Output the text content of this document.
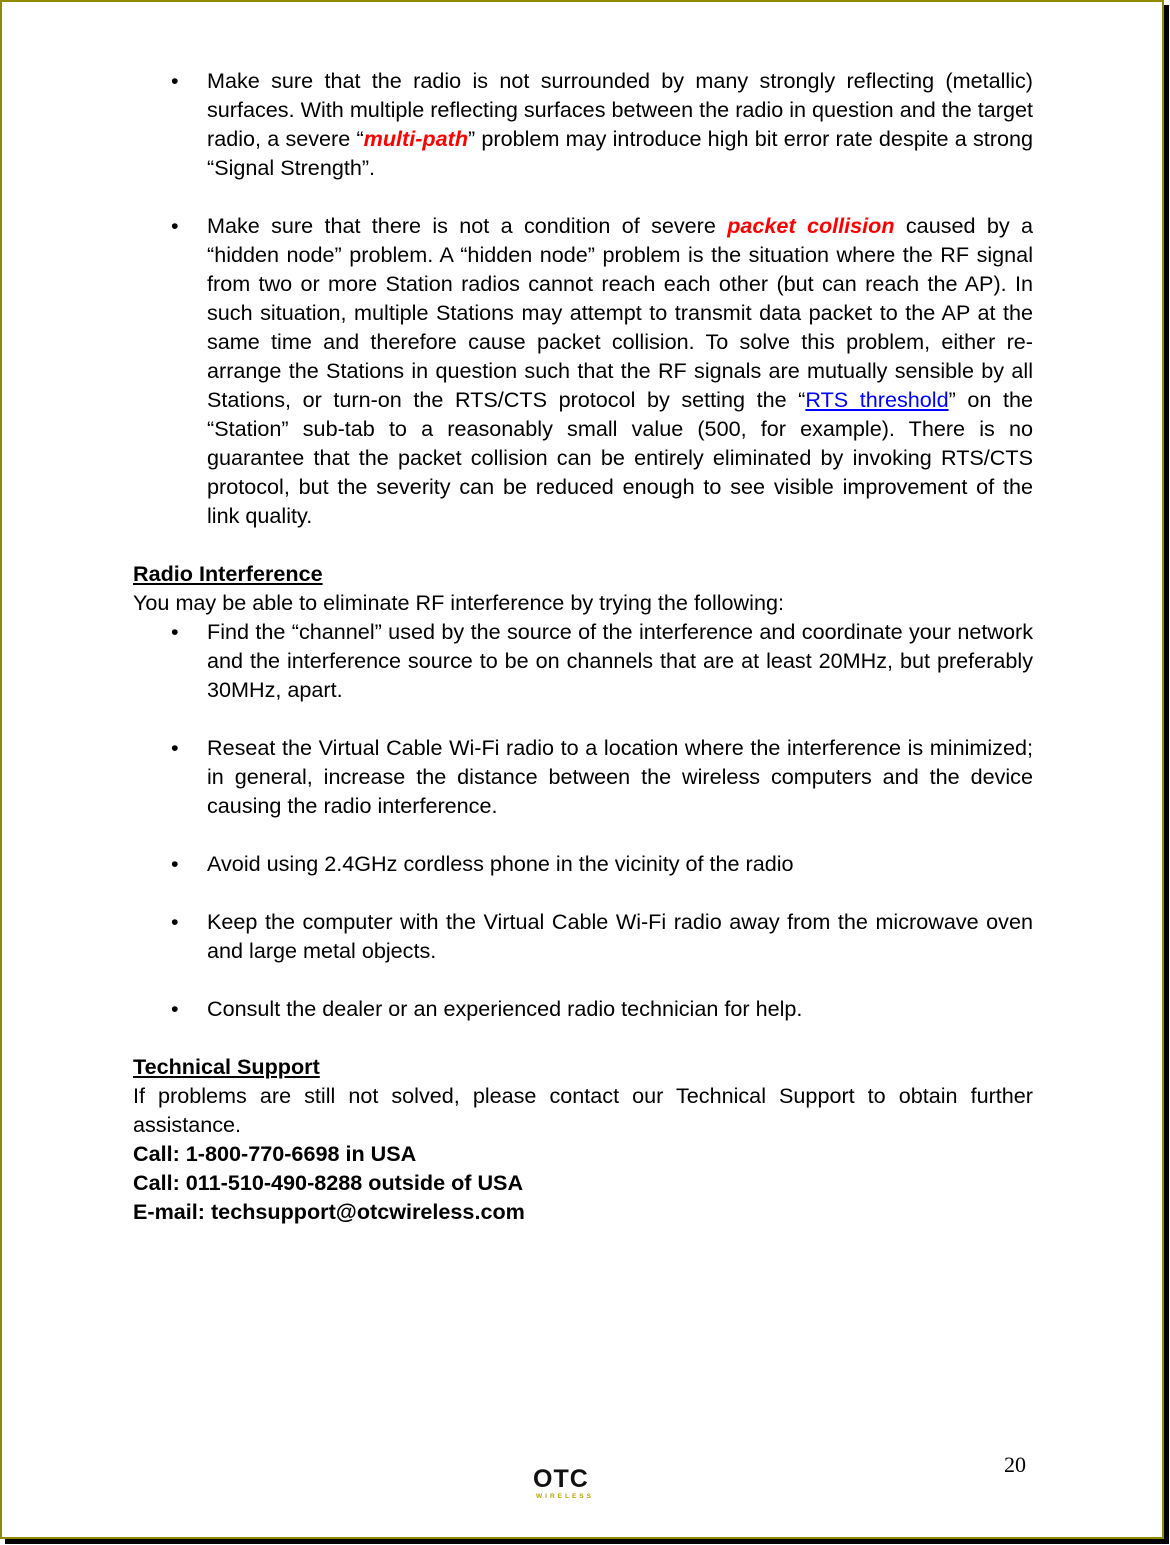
• Make sure that the radio is not surrounded by many strongly reflecting (metallic) surfaces. With multiple reflecting surfaces between the radio in question and the target radio, a severe “multi-path” problem may introduce high bit error rate despite a strong “Signal Strength”.
• Make sure that there is not a condition of severe packet collision caused by a “hidden node” problem. A “hidden node” problem is the situation where the RF signal from two or more Station radios cannot reach each other (but can reach the AP). In such situation, multiple Stations may attempt to transmit data packet to the AP at the same time and therefore cause packet collision. To solve this problem, either re-arrange the Stations in question such that the RF signals are mutually sensible by all Stations, or turn-on the RTS/CTS protocol by setting the “RTS threshold” on the “Station” sub-tab to a reasonably small value (500, for example). There is no guarantee that the packet collision can be entirely eliminated by invoking RTS/CTS protocol, but the severity can be reduced enough to see visible improvement of the link quality.
Radio Interference
You may be able to eliminate RF interference by trying the following:
• Find the “channel” used by the source of the interference and coordinate your network and the interference source to be on channels that are at least 20MHz, but preferably 30MHz, apart.
• Reseat the Virtual Cable Wi-Fi radio to a location where the interference is minimized; in general, increase the distance between the wireless computers and the device causing the radio interference.
• Avoid using 2.4GHz cordless phone in the vicinity of the radio
• Keep the computer with the Virtual Cable Wi-Fi radio away from the microwave oven and large metal objects.
• Consult the dealer or an experienced radio technician for help.
Technical Support
If problems are still not solved, please contact our Technical Support to obtain further assistance.
Call: 1-800-770-6698 in USA
Call: 011-510-490-8288 outside of USA
E-mail: techsupport@otcwireless.com
OTC
WIRELESS
20
